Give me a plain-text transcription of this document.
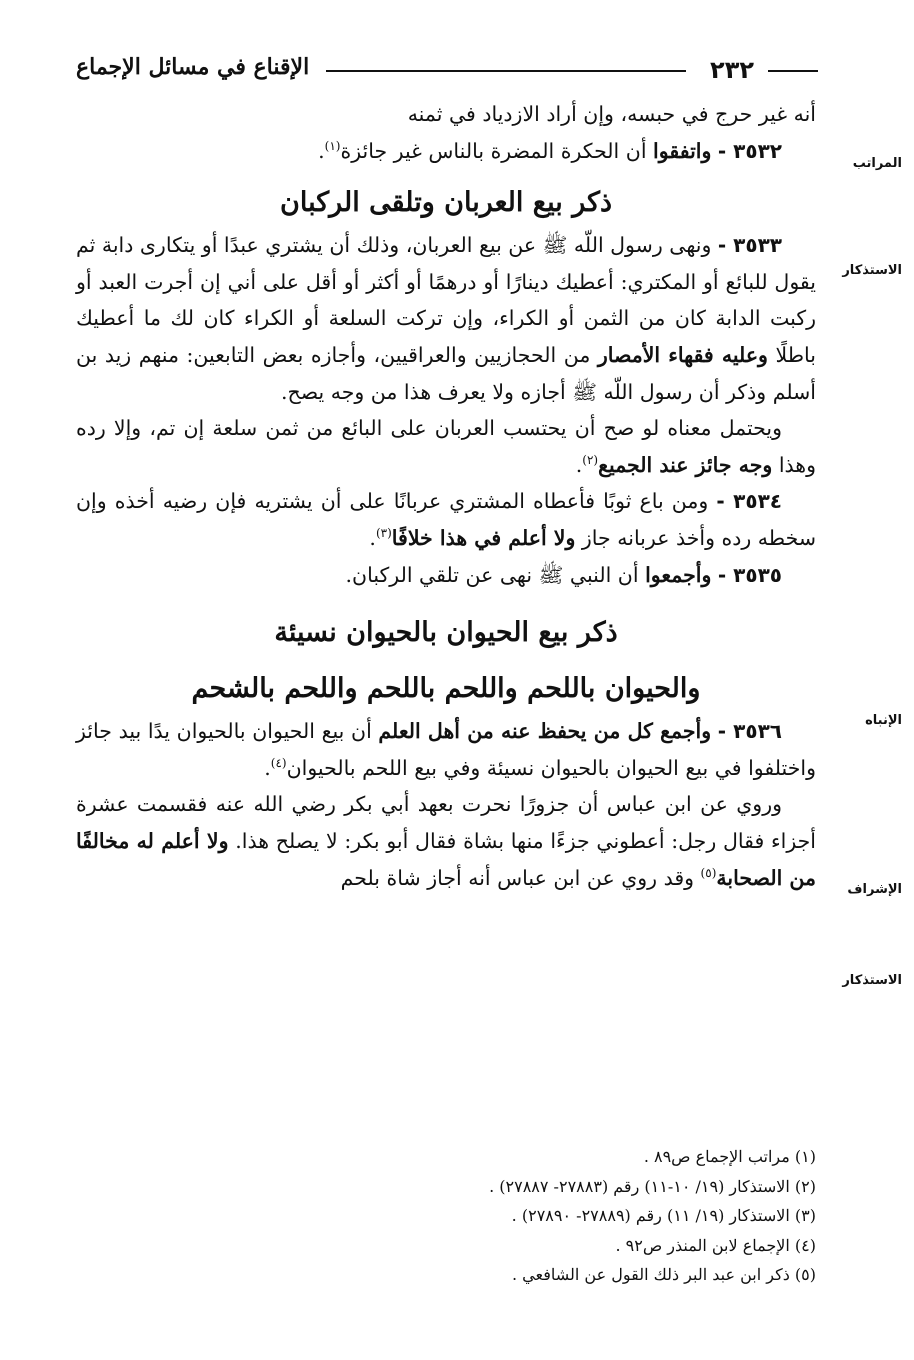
٢٣٢
الإقناع في مسائل الإجماع
المراتب
الاستذكار
الإنباه
الإشراف
الاستذكار

أنه غير حرج في حبسه، وإن أراد الازدياد في ثمنه

٣٥٣٢ - واتفقوا أن الحكرة المضرة بالناس غير جائزة$^{(١)}$.

ذكر بيع العربان وتلقى الركبان

٣٥٣٣ - ونهى رسول اللّه ﷺ عن بيع العربان، وذلك أن يشتري عبدًا أو يتكارى دابة ثم يقول للبائع أو المكتري: أعطيك دينارًا أو درهمًا أو أكثر أو أقل على أني إن أجرت العبد أو ركبت الدابة كان من الثمن أو الكراء، وإن تركت السلعة أو الكراء كان لك ما أعطيك باطلًا وعليه فقهاء الأمصار من الحجازيين والعراقيين، وأجازه بعض التابعين: منهم زيد بن أسلم وذكر أن رسول اللّه ﷺ أجازه ولا يعرف هذا من وجه يصح.

ويحتمل معناه لو صح أن يحتسب العربان على البائع من ثمن سلعة إن تم، وإلا رده وهذا وجه جائز عند الجميع$^{(٢)}$.

٣٥٣٤ - ومن باع ثوبًا فأعطاه المشتري عربانًا على أن يشتريه فإن رضيه أخذه وإن سخطه رده وأخذ عربانه جاز ولا أعلم في هذا خلافًا$^{(٣)}$.

٣٥٣٥ - وأجمعوا أن النبي ﷺ نهى عن تلقي الركبان.

ذكر بيع الحيوان بالحيوان نسيئة
والحيوان باللحم واللحم باللحم واللحم بالشحم

٣٥٣٦ - وأجمع كل من يحفظ عنه من أهل العلم أن بيع الحيوان بالحيوان يدًا بيد جائز واختلفوا في بيع الحيوان بالحيوان نسيئة وفي بيع اللحم بالحيوان$^{(٤)}$.

وروي عن ابن عباس أن جزورًا نحرت بعهد أبي بكر رضي الله عنه فقسمت عشرة أجزاء فقال رجل: أعطوني جزءًا منها بشاة فقال أبو بكر: لا يصلح هذا. ولا أعلم له مخالفًا من الصحابة$^{(٥)}$ وقد روي عن ابن عباس أنه أجاز شاة بلحم

(١) مراتب الإجماع ص٨٩ .

(٢) الاستذكار (١٩/ ١٠-١١) رقم (٢٧٨٨٣- ٢٧٨٨٧) .

(٣) الاستذكار (١٩/ ١١) رقم (٢٧٨٨٩- ٢٧٨٩٠) .

(٤) الإجماع لابن المنذر ص٩٢ .

(٥) ذكر ابن عبد البر ذلك القول عن الشافعي .
